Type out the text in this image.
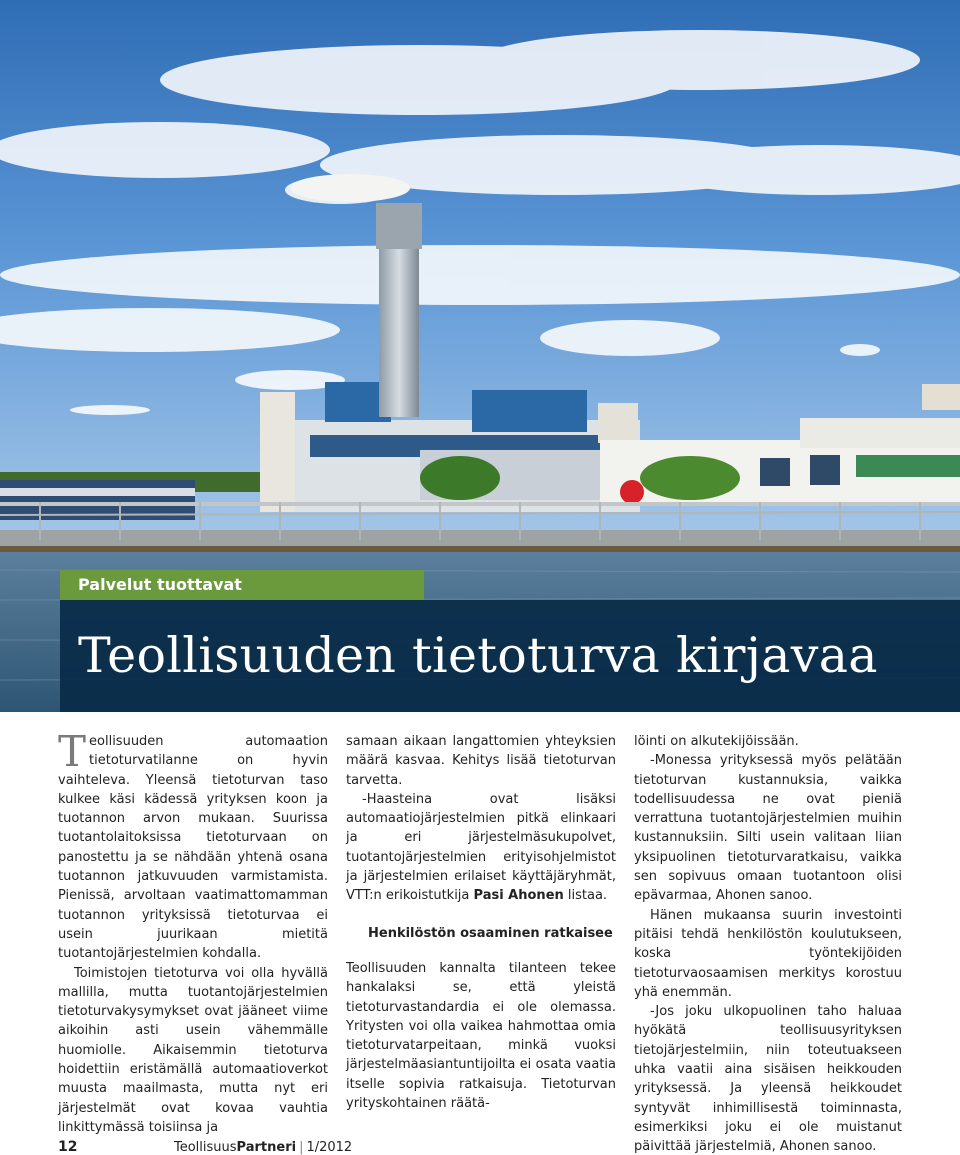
Palvelut tuottavat
Teollisuuden tietoturva kirjavaa

Teollisuuden automaation tietoturvatilanne on hyvin vaihteleva. Yleensä tietoturvan taso kulkee käsi kädessä yrityksen koon ja tuotannon arvon mukaan. Suurissa tuotantolaitoksissa tietoturvaan on panostettu ja se nähdään yhtenä osana tuotannon jatkuvuuden varmistamista. Pienissä, arvoltaan vaatimattomamman tuotannon yrityksissä tietoturvaa ei usein juurikaan mietitä tuotantojärjestelmien kohdalla.

Toimistojen tietoturva voi olla hyvällä mallilla, mutta tuotantojärjestelmien tietoturvakysymykset ovat jääneet viime aikoihin asti usein vähemmälle huomiolle. Aikaisemmin tietoturva hoidettiin eristämällä automaatioverkot muusta maailmasta, mutta nyt eri järjestelmät ovat kovaa vauhtia linkittymässä toisiinsa ja

samaan aikaan langattomien yhteyksien määrä kasvaa. Kehitys lisää tietoturvan tarvetta.

-Haasteina ovat lisäksi automaatiojärjestelmien pitkä elinkaari ja eri järjestelmäsukupolvet, tuotantojärjestelmien erityisohjelmistot ja järjestelmien erilaiset käyttäjäryhmät, VTT:n erikoistutkija Pasi Ahonen listaa.

Henkilöstön osaaminen ratkaisee

Teollisuuden kannalta tilanteen tekee hankalaksi se, että yleistä tietoturvastandardia ei ole olemassa. Yritysten voi olla vaikea hahmottaa omia tietoturvatarpeitaan, minkä vuoksi järjestelmäasiantuntijoilta ei osata vaatia itselle sopivia ratkaisuja. Tietoturvan yrityskohtainen räätä-

löinti on alkutekijöissään.

-Monessa yrityksessä myös pelätään tietoturvan kustannuksia, vaikka todellisuudessa ne ovat pieniä verrattuna tuotantojärjestelmien muihin kustannuksiin. Silti usein valitaan liian yksipuolinen tietoturvaratkaisu, vaikka sen sopivuus omaan tuotantoon olisi epävarmaa, Ahonen sanoo.

Hänen mukaansa suurin investointi pitäisi tehdä henkilöstön koulutukseen, koska työntekijöiden tietoturvaosaamisen merkitys korostuu yhä enemmän.

-Jos joku ulkopuolinen taho haluaa hyökätä teollisuusyrityksen tietojärjestelmiin, niin toteutuakseen uhka vaatii aina sisäisen heikkouden yrityksessä. Ja yleensä heikkoudet syntyvät inhimillisestä toiminnasta, esimerkiksi joku ei ole muistanut päivittää järjestelmiä, Ahonen sanoo.

12	TeollisuusPartneri | 1/2012
